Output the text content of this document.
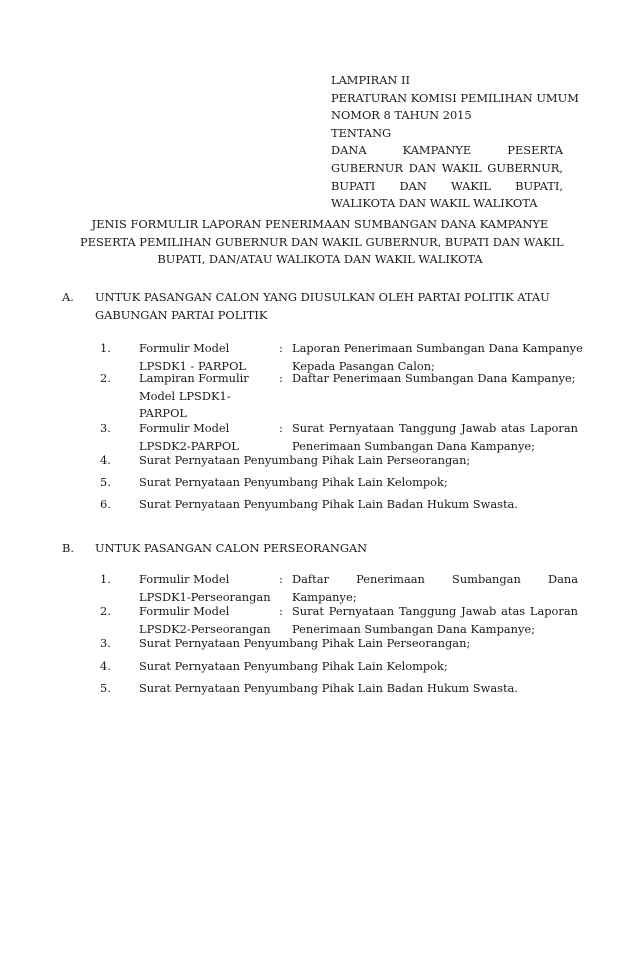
LAMPIRAN II
PERATURAN KOMISI PEMILIHAN UMUM
NOMOR 8 TAHUN 2015
TENTANG
DANA KAMPANYE PESERTA
GUBERNUR DAN WAKIL GUBERNUR,
BUPATI DAN WAKIL BUPATI,
WALIKOTA DAN WAKIL WALIKOTA
JENIS FORMULIR LAPORAN PENERIMAAN SUMBANGAN DANA KAMPANYE
PESERTA PEMILIHAN GUBERNUR DAN WAKIL GUBERNUR, BUPATI DAN WAKIL
BUPATI, DAN/ATAU WALIKOTA DAN WAKIL WALIKOTA
A. UNTUK PASANGAN CALON YANG DIUSULKAN OLEH PARTAI POLITIK ATAU
GABUNGAN PARTAI POLITIK
1. Formulir Model
LPSDK1 - PARPOL
: Laporan Penerimaan Sumbangan Dana Kampanye
Kepada Pasangan Calon;
2. Lampiran Formulir
Model LPSDK1-
PARPOL
: Daftar Penerimaan Sumbangan Dana Kampanye;
3. Formulir Model
LPSDK2-PARPOL
: Surat Pernyataan Tanggung Jawab atas Laporan
Penerimaan Sumbangan Dana Kampanye;
4. Surat Pernyataan Penyumbang Pihak Lain Perseorangan;
5. Surat Pernyataan Penyumbang Pihak Lain Kelompok;
6. Surat Pernyataan Penyumbang Pihak Lain Badan Hukum Swasta.
B. UNTUK PASANGAN CALON PERSEORANGAN
1. Formulir Model
LPSDK1-Perseorangan
: Daftar Penerimaan Sumbangan Dana
Kampanye;
2. Formulir Model
LPSDK2-Perseorangan
: Surat Pernyataan Tanggung Jawab atas Laporan
Penerimaan Sumbangan Dana Kampanye;
3. Surat Pernyataan Penyumbang Pihak Lain Perseorangan;
4. Surat Pernyataan Penyumbang Pihak Lain Kelompok;
5. Surat Pernyataan Penyumbang Pihak Lain Badan Hukum Swasta.
